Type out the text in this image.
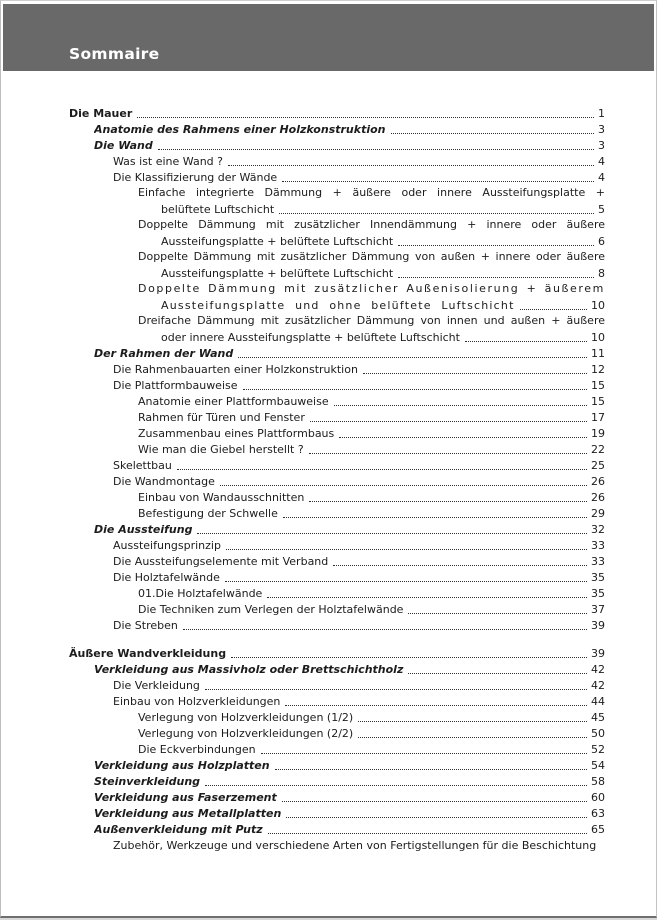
Sommaire
Die Mauer	1
Anatomie des Rahmens einer Holzkonstruktion	3
Die Wand	3
Was ist eine Wand ?	4
Die Klassifizierung der Wände	4
Einfache integrierte Dämmung + äußere oder innere Aussteifungsplatte +
belüftete Luftschicht	5
Doppelte Dämmung mit zusätzlicher Innendämmung + innere oder äußere
Aussteifungsplatte + belüftete Luftschicht	6
Doppelte Dämmung mit zusätzlicher Dämmung von außen + innere oder äußere
Aussteifungsplatte + belüftete Luftschicht	8
Doppelte Dämmung mit zusätzlicher Außenisolierung + äußerem
Aussteifungsplatte und ohne belüftete Luftschicht	10
Dreifache Dämmung mit zusätzlicher Dämmung von innen und außen + äußere
oder innere Aussteifungsplatte + belüftete Luftschicht	10
Der Rahmen der Wand	11
Die Rahmenbauarten einer Holzkonstruktion	12
Die Plattformbauweise	15
Anatomie einer Plattformbauweise	15
Rahmen für Türen und Fenster	17
Zusammenbau eines Plattformbaus	19
Wie man die Giebel herstellt ?	22
Skelettbau	25
Die Wandmontage	26
Einbau von Wandausschnitten	26
Befestigung der Schwelle	29
Die Aussteifung	32
Aussteifungsprinzip	33
Die Aussteifungselemente mit Verband	33
Die Holztafelwände	35
01.Die Holztafelwände	35
Die Techniken zum Verlegen der Holztafelwände	37
Die Streben	39
Äußere Wandverkleidung	39
Verkleidung aus Massivholz oder Brettschichtholz	42
Die Verkleidung	42
Einbau von Holzverkleidungen	44
Verlegung von Holzverkleidungen (1/2)	45
Verlegung von Holzverkleidungen (2/2)	50
Die Eckverbindungen	52
Verkleidung aus Holzplatten	54
Steinverkleidung	58
Verkleidung aus Faserzement	60
Verkleidung aus Metallplatten	63
Außenverkleidung mit Putz	65
Zubehör, Werkzeuge und verschiedene Arten von Fertigstellungen für die Beschichtung
